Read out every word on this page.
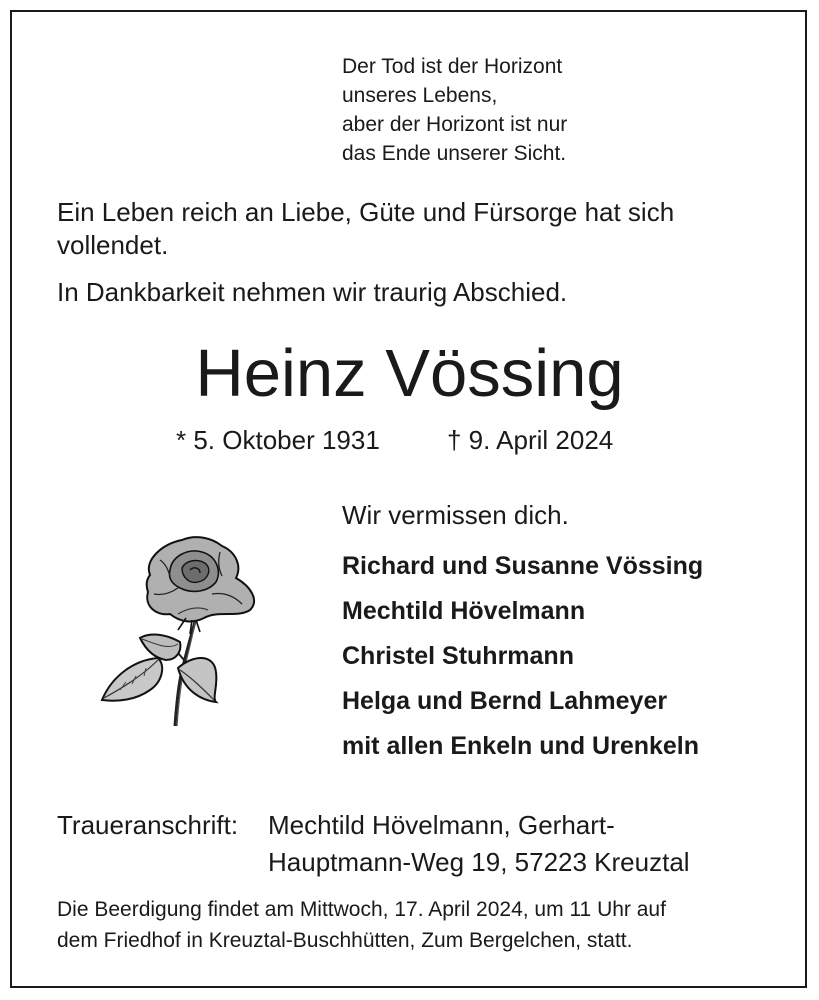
Der Tod ist der Horizont
unseres Lebens,
aber der Horizont ist nur
das Ende unserer Sicht.
Ein Leben reich an Liebe, Güte und Fürsorge hat sich
vollendet.
In Dankbarkeit nehmen wir traurig Abschied.
Heinz Vössing
* 5. Oktober 1931	† 9. April 2024
Wir vermissen dich.
Richard und Susanne Vössing
Mechtild Hövelmann
Christel Stuhrmann
Helga und Bernd Lahmeyer
mit allen Enkeln und Urenkeln
Traueranschrift: Mechtild Hövelmann, Gerhart-
Hauptmann-Weg 19, 57223 Kreuztal
Die Beerdigung findet am Mittwoch, 17. April 2024, um 11 Uhr auf
dem Friedhof in Kreuztal-Buschhütten, Zum Bergelchen, statt.
